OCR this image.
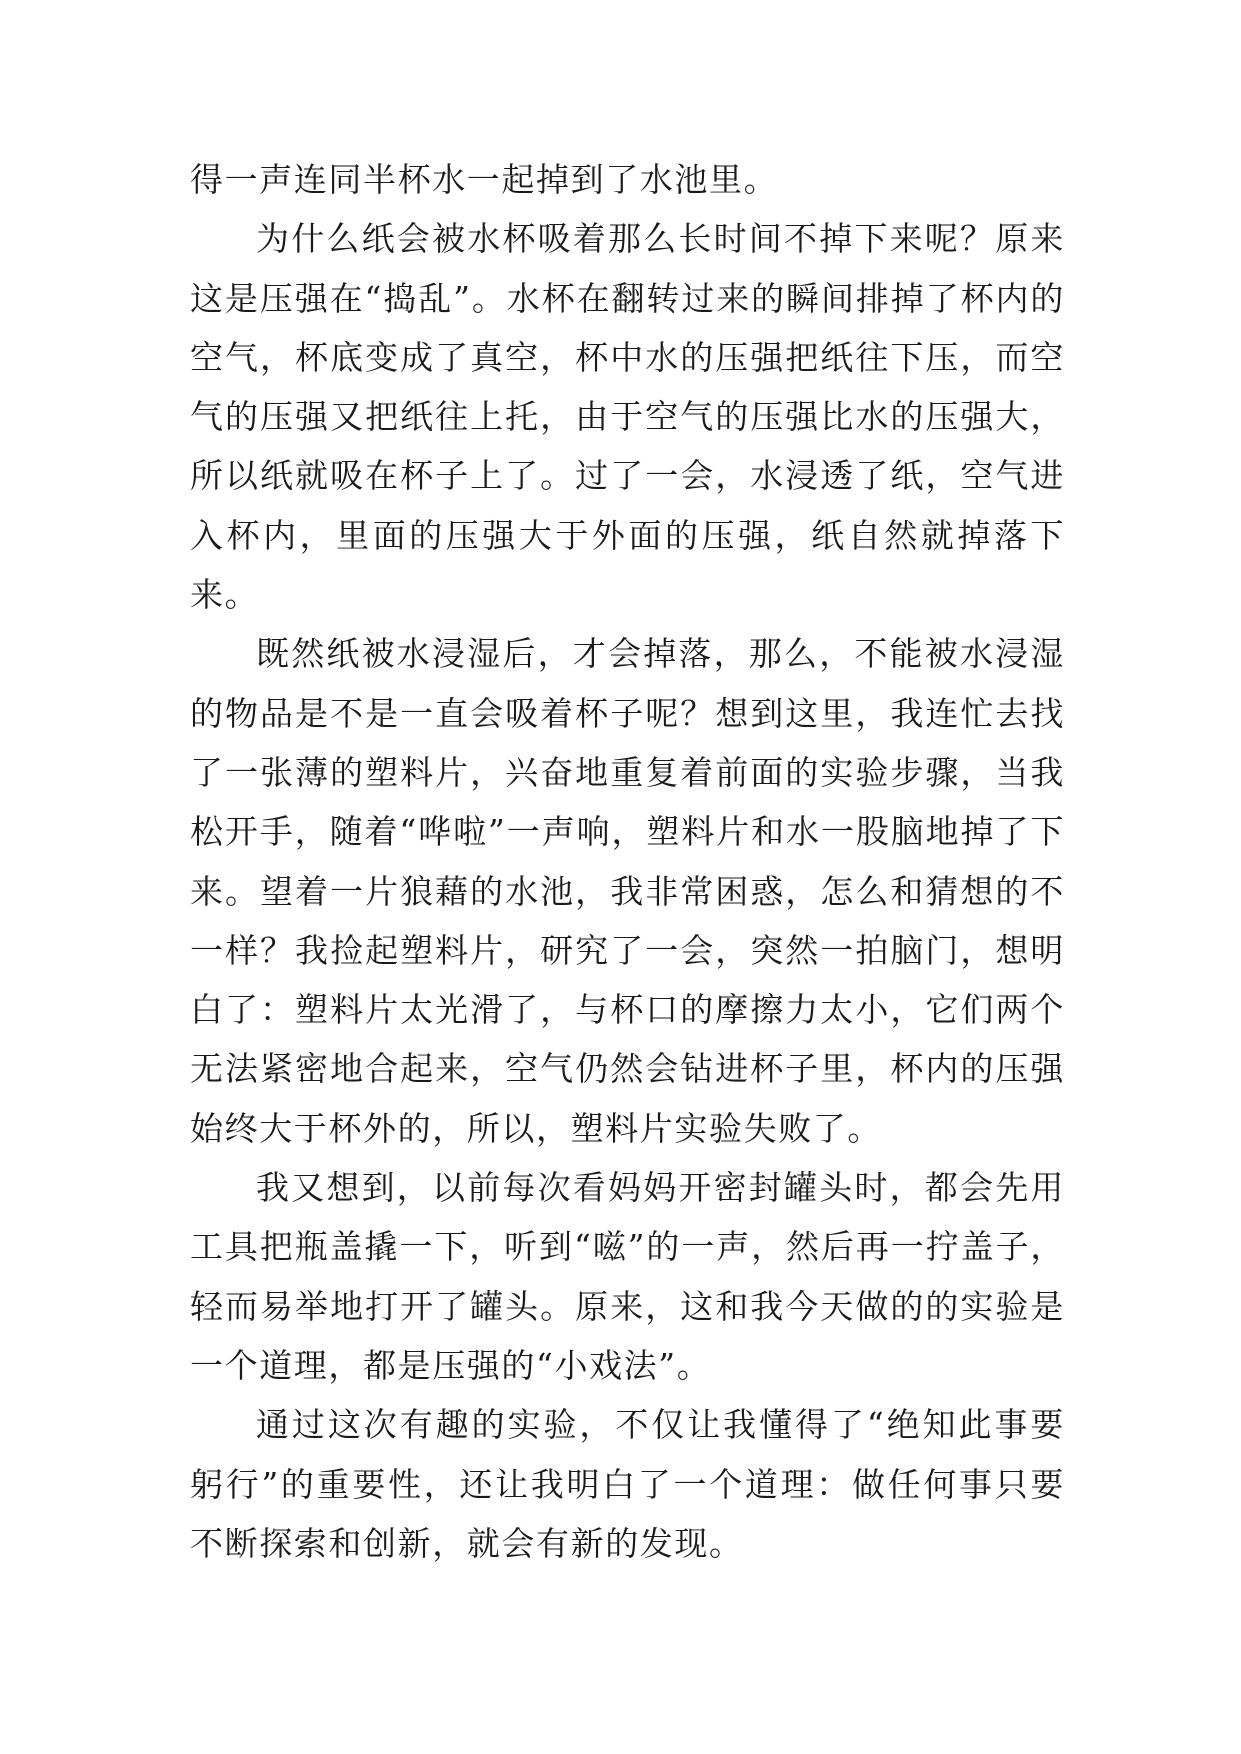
得一声连同半杯水一起掉到了水池里。

为什么纸会被水杯吸着那么长时间不掉下来呢？原来这是压强在“捣乱”。水杯在翻转过来的瞬间排掉了杯内的空气，杯底变成了真空，杯中水的压强把纸往下压，而空气的压强又把纸往上托，由于空气的压强比水的压强大，所以纸就吸在杯子上了。过了一会，水浸透了纸，空气进入杯内，里面的压强大于外面的压强，纸自然就掉落下来。

既然纸被水浸湿后，才会掉落，那么，不能被水浸湿的物品是不是一直会吸着杯子呢？想到这里，我连忙去找了一张薄的塑料片，兴奋地重复着前面的实验步骤，当我松开手，随着“哗啦”一声响，塑料片和水一股脑地掉了下来。望着一片狼藉的水池，我非常困惑，怎么和猜想的不一样？我捡起塑料片，研究了一会，突然一拍脑门，想明白了：塑料片太光滑了，与杯口的摩擦力太小，它们两个无法紧密地合起来，空气仍然会钻进杯子里，杯内的压强始终大于杯外的，所以，塑料片实验失败了。

我又想到，以前每次看妈妈开密封罐头时，都会先用工具把瓶盖撬一下，听到“嗞”的一声，然后再一拧盖子，轻而易举地打开了罐头。原来，这和我今天做的的实验是一个道理，都是压强的“小戏法”。

通过这次有趣的实验，不仅让我懂得了“绝知此事要躬行”的重要性，还让我明白了一个道理：做任何事只要不断探索和创新，就会有新的发现。
